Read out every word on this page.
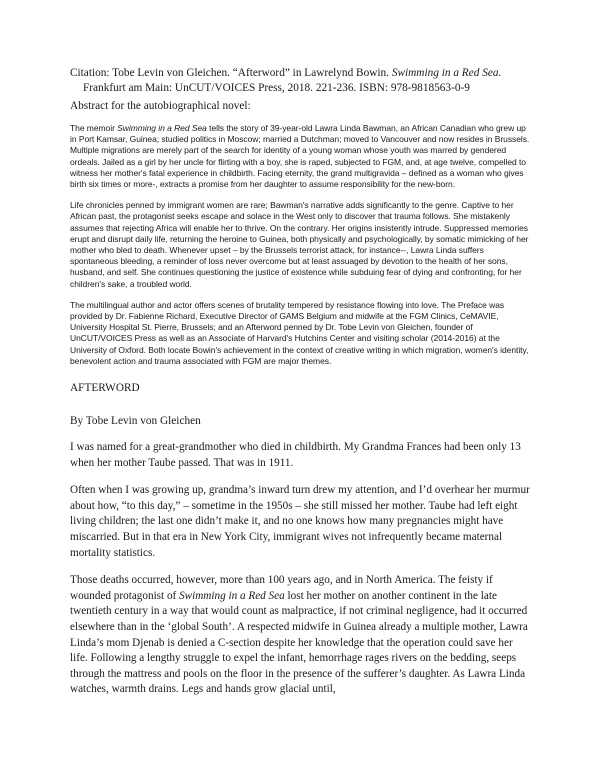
Citation: Tobe Levin von Gleichen. “Afterword” in Lawrelynd Bowin. Swimming in a Red Sea.
Frankfurt am Main: UnCUT/VOICES Press, 2018. 221-236. ISBN: 978-9818563-0-9

Abstract for the autobiographical novel:

The memoir Swimming in a Red Sea tells the story of 39-year-old Lawra Linda Bawman, an African Canadian who grew up in Port Kamsar, Guinea; studied politics in Moscow; married a Dutchman; moved to Vancouver and now resides in Brussels. Multiple migrations are merely part of the search for identity of a young woman whose youth was marred by gendered ordeals. Jailed as a girl by her uncle for flirting with a boy, she is raped, subjected to FGM, and, at age twelve, compelled to witness her mother's fatal experience in childbirth. Facing eternity, the grand multigravida – defined as a woman who gives birth six times or more-, extracts a promise from her daughter to assume responsibility for the new-born.

Life chronicles penned by immigrant women are rare; Bawman's narrative adds significantly to the genre. Captive to her African past, the protagonist seeks escape and solace in the West only to discover that trauma follows. She mistakenly assumes that rejecting Africa will enable her to thrive. On the contrary. Her origins insistently intrude. Suppressed memories erupt and disrupt daily life, returning the heroine to Guinea, both physically and psychologically, by somatic mimicking of her mother who bled to death. Whenever upset – by the Brussels terrorist attack, for instance--, Lawra Linda suffers spontaneous bleeding, a reminder of loss never overcome but at least assuaged by devotion to the health of her sons, husband, and self. She continues questioning the justice of existence while subduing fear of dying and confronting, for her children's sake, a troubled world.

The multilingual author and actor offers scenes of brutality tempered by resistance flowing into love. The Preface was provided by Dr. Fabienne Richard, Executive Director of GAMS Belgium and midwife at the FGM Clinics, CeMAVIE, University Hospital St. Pierre, Brussels; and an Afterword penned by Dr. Tobe Levin von Gleichen, founder of UnCUT/VOICES Press as well as an Associate of Harvard's Hutchins Center and visiting scholar (2014-2016) at the University of Oxford. Both locate Bowin's achievement in the context of creative writing in which migration, women's identity, benevolent action and trauma associated with FGM are major themes.

AFTERWORD

By Tobe Levin von Gleichen

I was named for a great-grandmother who died in childbirth. My Grandma Frances had been only 13 when her mother Taube passed. That was in 1911.

Often when I was growing up, grandma’s inward turn drew my attention, and I’d overhear her murmur about how, “to this day,” – sometime in the 1950s – she still missed her mother. Taube had left eight living children; the last one didn’t make it, and no one knows how many pregnancies might have miscarried. But in that era in New York City, immigrant wives not infrequently became maternal mortality statistics.

Those deaths occurred, however, more than 100 years ago, and in North America. The feisty if wounded protagonist of Swimming in a Red Sea lost her mother on another continent in the late twentieth century in a way that would count as malpractice, if not criminal negligence, had it occurred elsewhere than in the ‘global South’. A respected midwife in Guinea already a multiple mother, Lawra Linda’s mom Djenab is denied a C-section despite her knowledge that the operation could save her life. Following a lengthy struggle to expel the infant, hemorrhage rages rivers on the bedding, seeps through the mattress and pools on the floor in the presence of the sufferer’s daughter. As Lawra Linda watches, warmth drains. Legs and hands grow glacial until,
